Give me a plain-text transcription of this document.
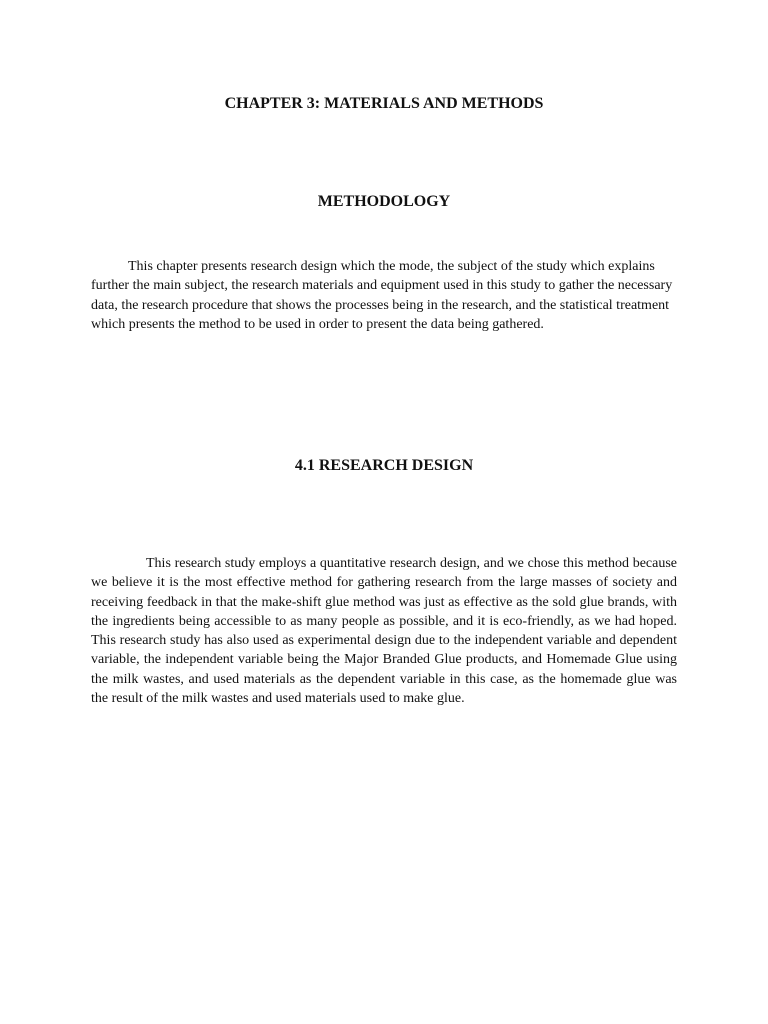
CHAPTER 3: MATERIALS AND METHODS
METHODOLOGY

This chapter presents research design which the mode, the subject of the study which explains further the main subject, the research materials and equipment used in this study to gather the necessary data, the research procedure that shows the processes being in the research, and the statistical treatment which presents the method to be used in order to present the data being gathered.

4.1 RESEARCH DESIGN

This research study employs a quantitative research design, and we chose this method because we believe it is the most effective method for gathering research from the large masses of society and receiving feedback in that the make-shift glue method was just as effective as the sold glue brands, with the ingredients being accessible to as many people as possible, and it is eco-friendly, as we had hoped. This research study has also used as experimental design due to the independent variable and dependent variable, the independent variable being the Major Branded Glue products, and Homemade Glue using the milk wastes, and used materials as the dependent variable in this case, as the homemade glue was the result of the milk wastes and used materials used to make glue.
